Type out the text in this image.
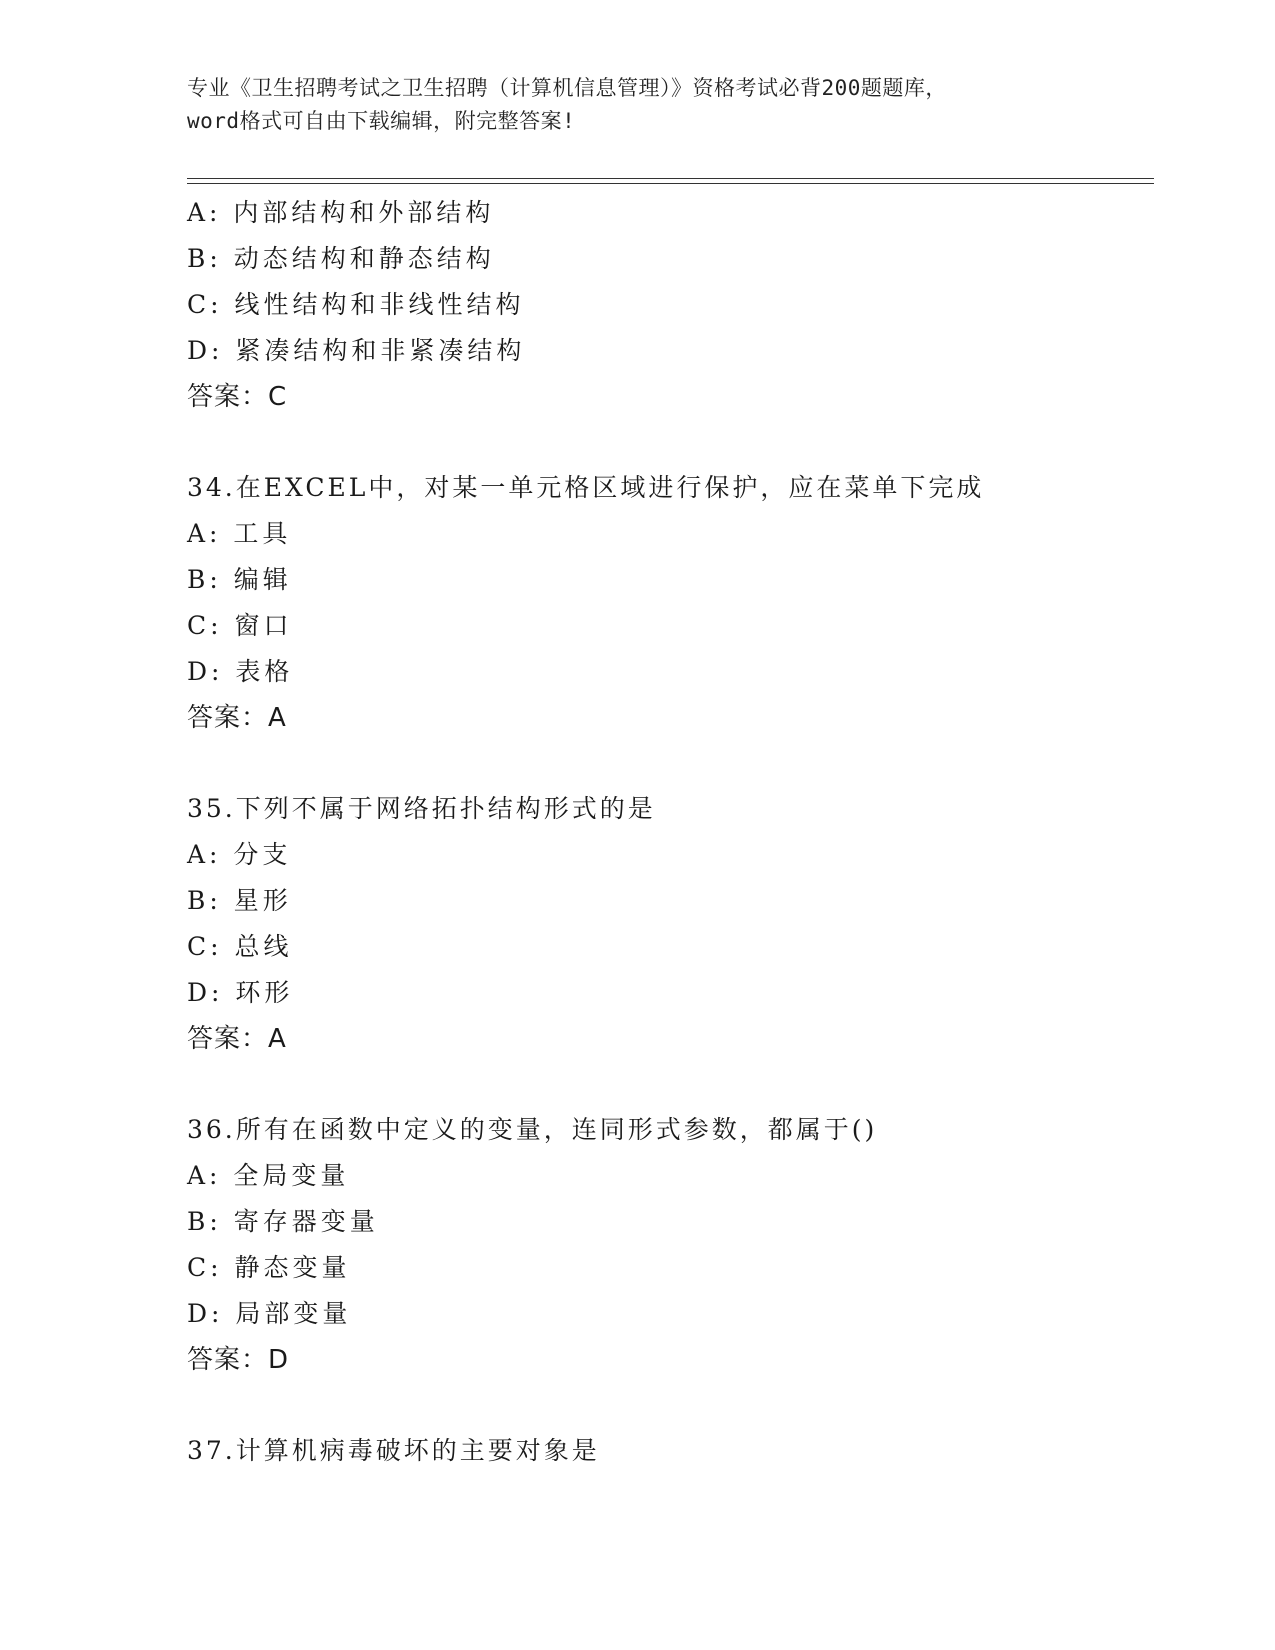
专业《卫生招聘考试之卫生招聘（计算机信息管理）》资格考试必背200题题库，
word格式可自由下载编辑，附完整答案!
A: 内部结构和外部结构
B: 动态结构和静态结构
C: 线性结构和非线性结构
D: 紧凑结构和非紧凑结构
答案：C
34.在EXCEL中，对某一单元格区域进行保护，应在菜单下完成
A: 工具
B: 编辑
C: 窗口
D: 表格
答案：A
35.下列不属于网络拓扑结构形式的是
A: 分支
B: 星形
C: 总线
D: 环形
答案：A
36.所有在函数中定义的变量，连同形式参数，都属于()
A: 全局变量
B: 寄存器变量
C: 静态变量
D: 局部变量
答案：D
37.计算机病毒破坏的主要对象是
